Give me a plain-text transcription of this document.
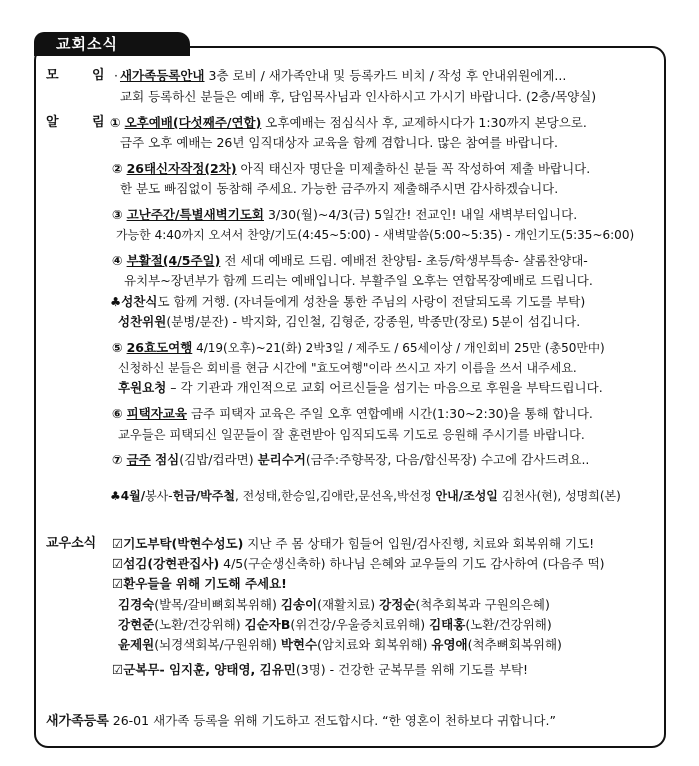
교회소식
모	임 · 새가족등록안내 3층 로비 / 새가족안내 및 등록카드 비치 / 작성 후 안내위원에게...
교회 등록하신 분들은 예배 후, 담임목사님과 인사하시고 가시기 바랍니다. (2층/목양실)
알	림 ① 오후예배(다섯째주/연합) 오후예배는 점심식사 후, 교제하시다가 1:30까지 본당으로.
금주 오후 예배는 26년 임직대상자 교육을 함께 겸합니다. 많은 참여를 바랍니다.
② 26태신자작정(2차) 아직 태신자 명단을 미제출하신 분들 꼭 작성하여 제출 바랍니다.
한 분도 빠짐없이 동참해 주세요. 가능한 금주까지 제출해주시면 감사하겠습니다.
③ 고난주간/특별새벽기도회 3/30(월)~4/3(금) 5일간! 전교인! 내일 새벽부터입니다.
가능한 4:40까지 오셔서 찬양/기도(4:45~5:00) - 새벽말씀(5:00~5:35) - 개인기도(5:35~6:00)
④ 부활절(4/5주일) 전 세대 예배로 드림. 예배전 찬양팀- 초등/학생부특송- 샬롬찬양대-
유치부~장년부가 함께 드리는 예배입니다. 부활주일 오후는 연합목장예배로 드립니다.
♣성찬식도 함께 거행. (자녀들에게 성찬을 통한 주님의 사랑이 전달되도록 기도를 부탁)
성찬위원(분병/분잔) - 박지화, 김인철, 김형준, 강종원, 박종만(장로) 5분이 섬깁니다.
⑤ 26효도여행 4/19(오후)~21(화) 2박3일 / 제주도 / 65세이상 / 개인회비 25만 (총50만中)
신청하신 분들은 회비를 현금 시간에 "효도여행"이라 쓰시고 자기 이름을 쓰서 내주세요.
후원요청 – 각 기관과 개인적으로 교회 어르신들을 섬기는 마음으로 후원을 부탁드립니다.
⑥ 피택자교육 금주 피택자 교육은 주일 오후 연합예배 시간(1:30~2:30)을 통해 합니다.
교우들은 피택되신 일꾼들이 잘 훈련받아 임직되도록 기도로 응원해 주시기를 바랍니다.
⑦ 금주 점심(김밥/컵라면) 분리수거(금주:주향목장, 다음/합신목장) 수고에 감사드려요..
♣4월/봉사-헌금/박주철, 전성태,한승일,김애란,문선옥,박선정 안내/조성일 김천사(현), 성명희(본)
교우소식 ☑기도부탁(박현수성도) 지난 주 몸 상태가 힘들어 입원/검사진행, 치료와 회복위해 기도!
☑섬김(강현관집사) 4/5(구순생신축하) 하나님 은혜와 교우들의 기도 감사하여 (다음주 떡)
☑환우들을 위해 기도해 주세요!
김경숙(발목/갈비뼈회복위해) 김송이(재활치료) 강정순(척추회복과 구원의은혜)
강현준(노환/건강위해) 김순자B(위건강/우울증치료위해) 김태홍(노환/건강위해)
윤제원(뇌경색회복/구원위해) 박현수(암치료와 회복위해) 유영애(척추뼈회복위해)
☑군복무- 임지훈, 양태영, 김유민(3명) - 건강한 군복무를 위해 기도를 부탁!
새가족등록 26-01 새가족 등록을 위해 기도하고 전도합시다. “한 영혼이 천하보다 귀합니다.”
